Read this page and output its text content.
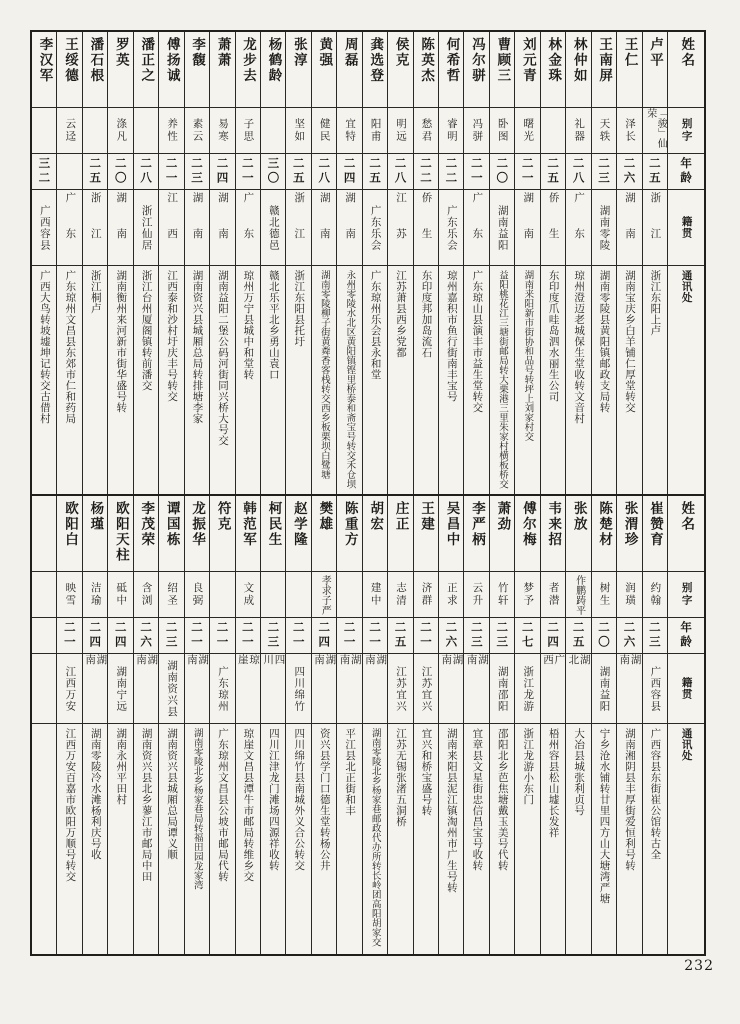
姓名
别字
年龄
籍贯
通讯处
李汉军
三二
广西容县
广西大鸟转坡墟坤记转交古借村
王绥德
云迳
广东
广东琼州文昌县东郊市仁和药局
潘石根
二五
浙江
浙江桐卢
罗英
涤凡
二〇
湖南
湖南衡州来河新市街华盛号转
潘正之
二八
浙江仙居
浙江台州厦阁镇转前潘交
傅扬诚
养性
二一
江西
江西泰和沙村圩庆丰号转交
李馥
素云
二三
湖南
湖南资兴县城厢总局转排塘李家
萧萧
易寒
二四
湖南
湖南益阳二堡公码河街同兴桥大号交
龙步去
子思
二一
广东
琼州万宁县城中和堂转
杨鹤龄
三〇
赣北德邑
赣北乐平北乡勇山袁口
张淳
坚如
二五
浙江
浙江东阳县托圩
黄强
健民
二八
湖南
湖南零陵柳子街黄粦香客栈转交西乡板栗坝白鹭塘
周磊
宜特
二四
湖南
永州零陵水北区黄阳镇铿里桥泰和斋宝号转交禾仓坝
龚选登
阳甫
二五
广东乐会
广东琼州乐会县永和堂
侯克
明远
二八
江苏
江苏萧县西乡党都
陈英杰
愁君
二二
侨生
东印度邦加岛流石
何希哲
睿明
二二
广东乐会
琼州嘉积市鱼行街南丰宝号
冯尔骈
冯骈
二一
广东
广东琼山县演丰市益生堂转交
曹顾三
卧图
二〇
湖南益阳
益阳桃花江三塘街邮局转大栗港三里朱家村横板桥交
刘元青
曙光
二一
湖南
湖南来阳新市街协和品号转坪上刘家村交
林金珠
二五
侨生
东印度爪哇岛泗水丽生公司
林仲如
礼器
二八
广东
琼州澄迈老城保生堂收转文音村
王南屏
天轶
二三
湖南零陵
湖南零陵县黄阳镇邮政支局转
王仁
泽长
二六
湖南
湖南宝庆乡白羊铺仁厚堂转交
卢平
「骏」仙荣
二五
浙江
浙江东阳上卢
姓名
别字
年龄
籍贯
通讯处
欧阳白
映雪
二一
江西万安
江西万安百嘉市欧阳万顺号转交
杨瑾
洁瑜
二四
湖南
湖南零陵冷水滩杨利庆号收
欧阳天柱
砥中
二四
湖南宁远
湖南永州平田村
李茂荣
含浏
二六
湖南
湖南资兴县北乡蓼江市邮局中田
谭国栋
绍圣
二三
湖南资兴县
湖南资兴县城厢总局谭义顺
龙振华
良弼
二一
湖南
湖南零陵北乡杨家巷局转福田园龙家湾
符克
二一
广东琼州
广东琼州文昌县公坡市邮局代转
韩范军
文成
二一
琼崖
琼崖文昌县潭牛市邮局转维乡交
柯民生
二三
四川
四川江津龙门滩场四源祥收转
赵学隆
二一
四川绵竹
四川绵竹县南城外义合公转交
樊雄
孝求子严
二四
湖南
资兴县学门口德生堂转杨公井
陈重方
二一
湖南
平江县北正街和丰
胡宏
建中
二一
湖南
湖南零陵北乡杨家巷邮政代办所转长岭团高阳胡家交
庄正
志清
二五
江苏宜兴
江苏无锡张渚五洞桥
王建
济群
二一
江苏宜兴
宜兴和桥宝盛号转
吴昌中
正求
二六
湖南
湖南来阳县泥江镇淘州市广生号转
李严柄
云升
二三
湖南
宜章县文星街忠信昌宝号收转
萧劲
竹轩
二三
湖南邵阳
邵阳北乡芭焦塘戴玉美号代转
傅尔梅
梦予
二七
浙江龙游
浙江龙游小东门
韦来招
者潜
二四
广西
梧州容县松山墟长发祥
张放
作鹏踌平
二五
湖北
大冶县城张利贞号
陈楚材
树生
二〇
湖南益阳
宁乡沧水铺转廿里四方山大塘湾严塘
张渭珍
润璜
二六
湖南
湖南湘阴县丰厚街爱恒利号转
崔赞育
约翰
二三
广西容县
广西容县东街崔公馆转古全
232
